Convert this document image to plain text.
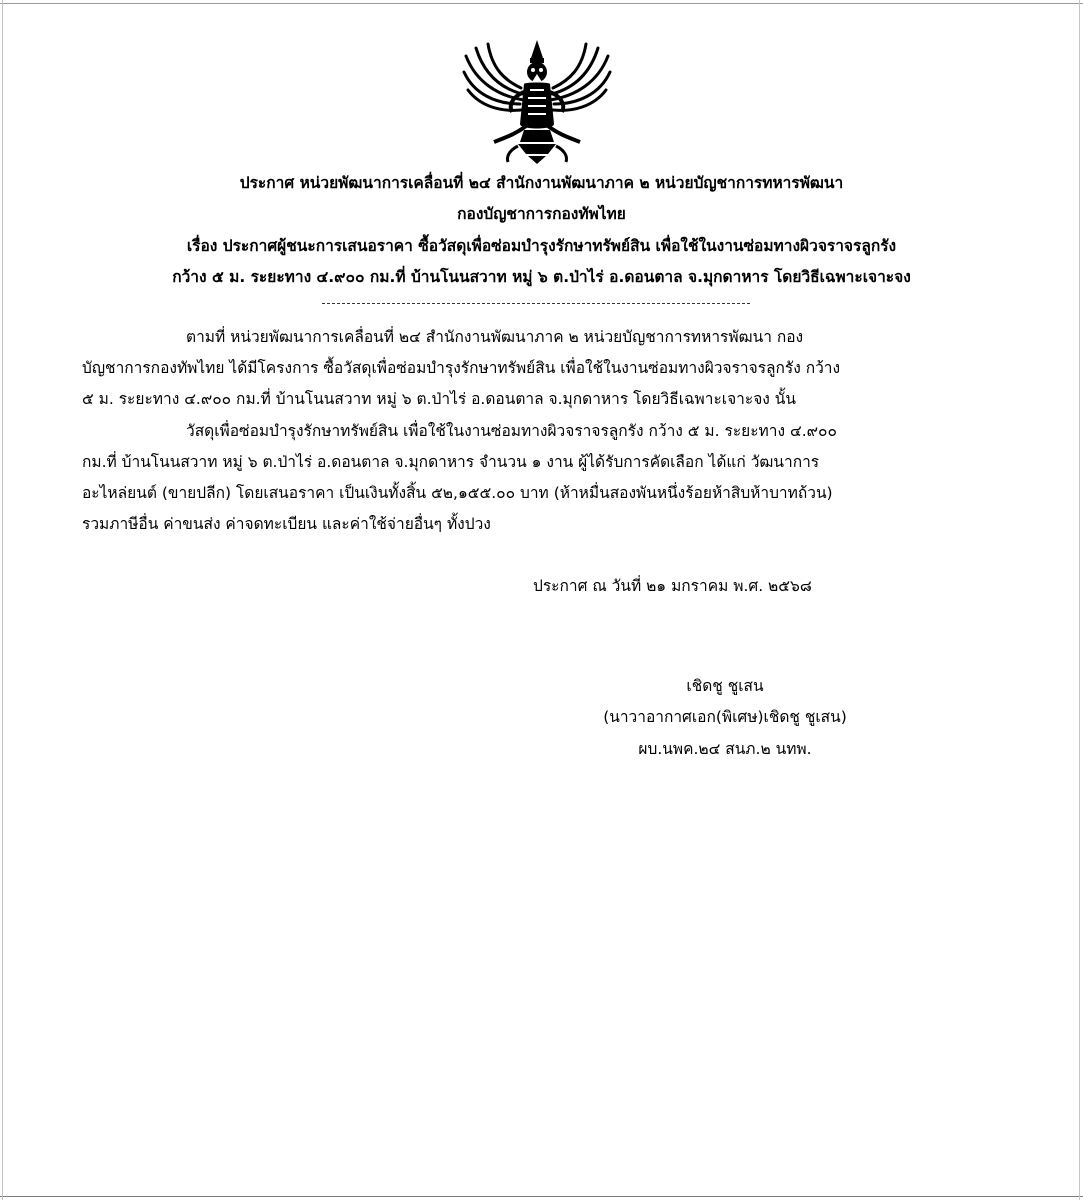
ประกาศ หน่วยพัฒนาการเคลื่อนที่ ๒๔ สำนักงานพัฒนาภาค ๒ หน่วยบัญชาการทหารพัฒนา
กองบัญชาการกองทัพไทย
เรื่อง ประกาศผู้ชนะการเสนอราคา ซื้อวัสดุเพื่อซ่อมบำรุงรักษาทรัพย์สิน เพื่อใช้ในงานซ่อมทางผิวจราจรลูกรัง
กว้าง ๕ ม. ระยะทาง ๔.๙๐๐ กม.ที่ บ้านโนนสวาท หมู่ ๖ ต.ป่าไร่ อ.ดอนตาล จ.มุกดาหาร โดยวิธีเฉพาะเจาะจง
ตามที่ หน่วยพัฒนาการเคลื่อนที่ ๒๔ สำนักงานพัฒนาภาค ๒ หน่วยบัญชาการทหารพัฒนา กอง
บัญชาการกองทัพไทย ได้มีโครงการ ซื้อวัสดุเพื่อซ่อมบำรุงรักษาทรัพย์สิน เพื่อใช้ในงานซ่อมทางผิวจราจรลูกรัง กว้าง
๕ ม. ระยะทาง ๔.๙๐๐ กม.ที่ บ้านโนนสวาท หมู่ ๖ ต.ป่าไร่ อ.ดอนตาล จ.มุกดาหาร โดยวิธีเฉพาะเจาะจง นั้น
วัสดุเพื่อซ่อมบำรุงรักษาทรัพย์สิน เพื่อใช้ในงานซ่อมทางผิวจราจรลูกรัง กว้าง ๕ ม. ระยะทาง ๔.๙๐๐
กม.ที่ บ้านโนนสวาท หมู่ ๖ ต.ป่าไร่ อ.ดอนตาล จ.มุกดาหาร จำนวน ๑ งาน ผู้ได้รับการคัดเลือก ได้แก่ วัฒนาการ
อะไหล่ยนต์ (ขายปลีก) โดยเสนอราคา เป็นเงินทั้งสิ้น ๕๒,๑๕๕.๐๐ บาท (ห้าหมื่นสองพันหนึ่งร้อยห้าสิบห้าบาทถ้วน)
รวมภาษีอื่น ค่าขนส่ง ค่าจดทะเบียน และค่าใช้จ่ายอื่นๆ ทั้งปวง
ประกาศ ณ วันที่ ๒๑ มกราคม พ.ศ. ๒๕๖๘
เชิดชู ชูเสน
(นาวาอากาศเอก(พิเศษ)เชิดชู ชูเสน)
ผบ.นพค.๒๔ สนภ.๒ นทพ.
